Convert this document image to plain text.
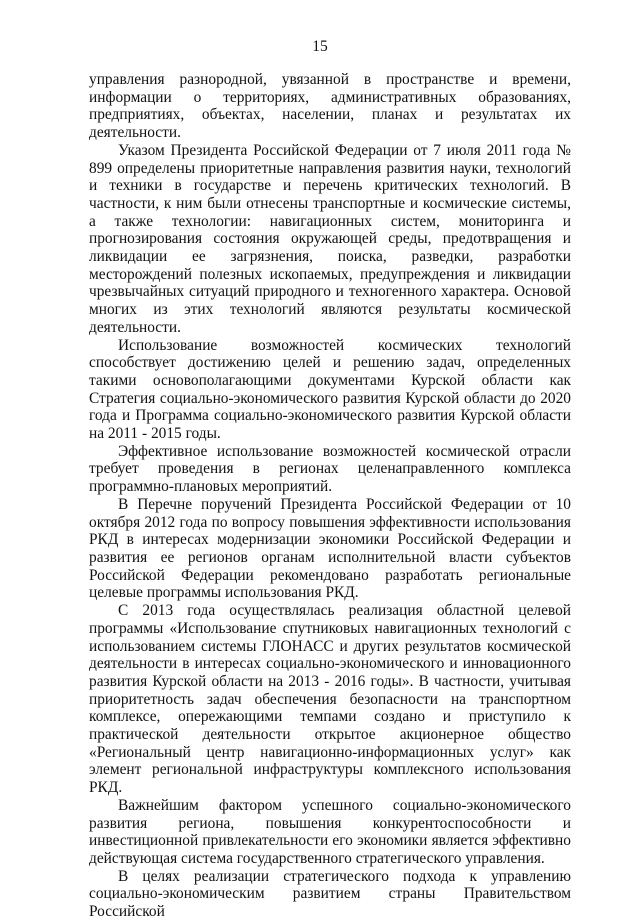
15

управления разнородной, увязанной в пространстве и времени, информации о территориях, административных образованиях, предприятиях, объектах, населении, планах и результатах их деятельности.

Указом Президента Российской Федерации от 7 июля 2011 года № 899 определены приоритетные направления развития науки, технологий и техники в государстве и перечень критических технологий. В частности, к ним были отнесены транспортные и космические системы, а также технологии: навигационных систем, мониторинга и прогнозирования состояния окружающей среды, предотвращения и ликвидации ее загрязнения, поиска, разведки, разработки месторождений полезных ископаемых, предупреждения и ликвидации чрезвычайных ситуаций природного и техногенного характера. Основой многих из этих технологий являются результаты космической деятельности.

Использование возможностей космических технологий способствует достижению целей и решению задач, определенных такими основополагающими документами Курской области как Стратегия социально-экономического развития Курской области до 2020 года и Программа социально-экономического развития Курской области на 2011 - 2015 годы.

Эффективное использование возможностей космической отрасли требует проведения в регионах целенаправленного комплекса программно-плановых мероприятий.

В Перечне поручений Президента Российской Федерации от 10 октября 2012 года по вопросу повышения эффективности использования РКД в интересах модернизации экономики Российской Федерации и развития ее регионов органам исполнительной власти субъектов Российской Федерации рекомендовано разработать региональные целевые программы использования РКД.

С 2013 года осуществлялась реализация областной целевой программы «Использование спутниковых навигационных технологий с использованием системы ГЛОНАСС и других результатов космической деятельности в интересах социально-экономического и инновационного развития Курской области на 2013 - 2016 годы». В частности, учитывая приоритетность задач обеспечения безопасности на транспортном комплексе, опережающими темпами создано и приступило к практической деятельности открытое акционерное общество «Региональный центр навигационно-информационных услуг» как элемент региональной инфраструктуры комплексного использования РКД.

Важнейшим фактором успешного социально-экономического развития региона, повышения конкурентоспособности и инвестиционной привлекательности его экономики является эффективно действующая система государственного стратегического управления.

В целях реализации стратегического подхода к управлению социально-экономическим развитием страны Правительством Российской
